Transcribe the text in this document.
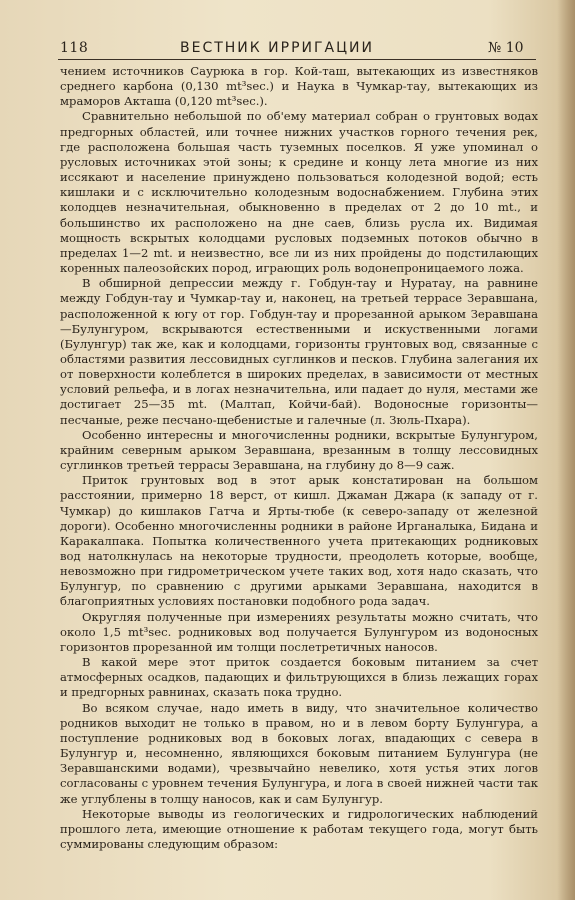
118	ВЕСТНИК ИРРИГАЦИИ	№ 10

чением источников Саурюка в гор. Кой-таш, вытекающих из известняков среднего карбона (0,130 mt³sec.) и Наука в Чумкар-тау, вытекающих из мраморов Акташа (0,120 mt³sec.).

Сравнительно небольшой по об'ему материал собран о грунтовых водах предгорных областей, или точнее нижних участков горного течения рек, где расположена большая часть туземных поселков. Я уже упоминал о русловых источниках этой зоны; к средине и концу лета многие из них иссякают и население принуждено пользоваться колодезной водой; есть кишлаки и с исключительно колодезным водоснабжением. Глубина этих колодцев незначительная, обыкновенно в пределах от 2 до 10 mt., и большинство их расположено на дне саев, близь русла их. Видимая мощность вскрытых колодцами русловых подземных потоков обычно в пределах 1—2 mt. и неизвестно, все ли из них пройдены до подстилающих коренных палеозойских пород, играющих роль водонепроницаемого ложа.

В обширной депрессии между г. Гобдун-тау и Нуратау, на равнине между Гобдун-тау и Чумкар-тау и, наконец, на третьей террасе Зеравшана, расположенной к югу от гор. Гобдун-тау и прорезанной арыком Зеравшана—Булунгуром, вскрываются естественными и искуственными логами (Булунгур) так же, как и колодцами, горизонты грунтовых вод, связанные с областями развития лессовидных суглинков и песков. Глубина залегания их от поверхности колеблется в широких пределах, в зависимости от местных условий рельефа, и в логах незначительна, или падает до нуля, местами же достигает 25—35 mt. (Малтап, Койчи-бай). Водоносные горизонты—песчаные, реже песчано-щебенистые и галечные (л. Зюль-Пхара).

Особенно интересны и многочисленны родники, вскрытые Булунгуром, крайним северным арыком Зеравшана, врезанным в толщу лессовидных суглинков третьей террасы Зеравшана, на глубину до 8—9 саж.

Приток грунтовых вод в этот арык констатирован на большом расстоянии, примерно 18 верст, от кишл. Джаман Джара (к западу от г. Чумкар) до кишлаков Гатча и Ярты-тюбе (к северо-западу от железной дороги). Особенно многочисленны родники в районе Ирганалыка, Бидана и Каракалпака. Попытка количественного учета притекающих родниковых вод натолкнулась на некоторые трудности, преодолеть которые, вообще, невозможно при гидрометрическом учете таких вод, хотя надо сказать, что Булунгур, по сравнению с другими арыками Зеравшана, находится в благоприятных условиях постановки подобного рода задач.

Округляя полученные при измерениях результаты можно считать, что около 1,5 mt³sec. родниковых вод получается Булунгуром из водоносных горизонтов прорезанной им толщи послетретичных наносов.

В какой мере этот приток создается боковым питанием за счет атмосферных осадков, падающих и фильтрующихся в близь лежащих горах и предгорных равнинах, сказать пока трудно.

Во всяком случае, надо иметь в виду, что значительное количество родников выходит не только в правом, но и в левом борту Булунгура, а поступление родниковых вод в боковых логах, впадающих с севера в Булунгур и, несомненно, являющихся боковым питанием Булунгура (не Зеравшанскими водами), чрезвычайно невелико, хотя устья этих логов согласованы с уровнем течения Булунгура, и лога в своей нижней части так же углублены в толщу наносов, как и сам Булунгур.

Некоторые выводы из геологических и гидрологических наблюдений прошлого лета, имеющие отношение к работам текущего года, могут быть суммированы следующим образом:
